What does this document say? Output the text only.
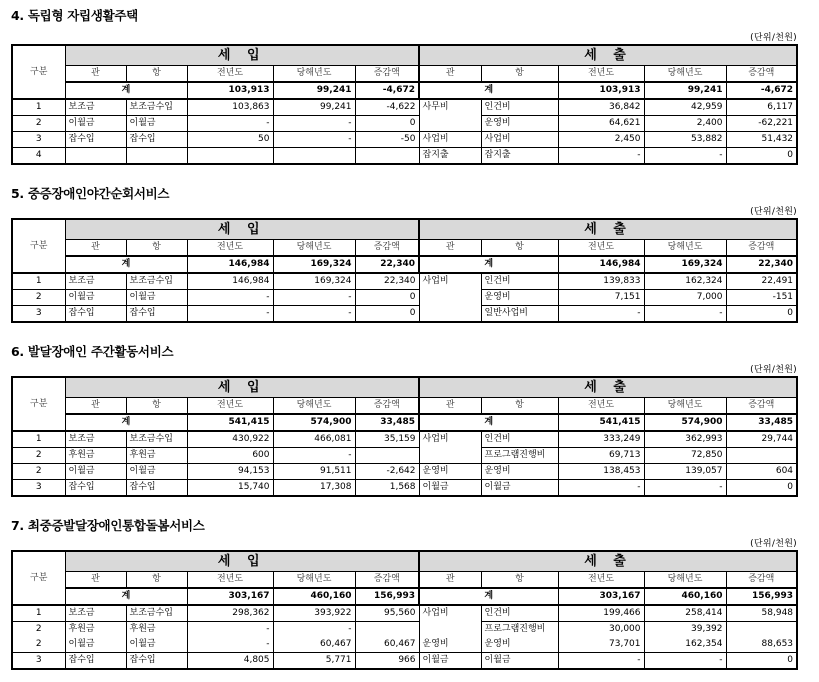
4. 독립형 자립생활주택
(단위/천원)
구분	세 입					세 출				
	관	항	전년도	당해년도	증감액	관	항	전년도	당해년도	증감액
	계		103,913	99,241	-4,672	계		103,913	99,241	-4,672
1	보조금	보조금수입	103,863	99,241	-4,622	사무비	인건비	36,842	42,959	6,117
2	이월금	이월금	-	-	0		운영비	64,621	2,400	-62,221
3	잡수입	잡수입	50	-	-50	사업비	사업비	2,450	53,882	51,432
4						잡지출	잡지출	-	-	0
5. 중증장애인야간순회서비스
(단위/천원)
구분	세 입					세 출				
	관	항	전년도	당해년도	증감액	관	항	전년도	당해년도	증감액
	계		146,984	169,324	22,340	계		146,984	169,324	22,340
1	보조금	보조금수입	146,984	169,324	22,340	사업비	인건비	139,833	162,324	22,491
2	이월금	이월금	-	-	0		운영비	7,151	7,000	-151
3	잡수입	잡수입	-	-	0		일반사업비	-	-	0
6. 발달장애인 주간활동서비스
(단위/천원)
구분	세 입					세 출				
	관	항	전년도	당해년도	증감액	관	항	전년도	당해년도	증감액
	계		541,415	574,900	33,485	계		541,415	574,900	33,485
1	보조금	보조금수입	430,922	466,081	35,159	사업비	인건비	333,249	362,993	29,744
2	후원금	후원금	600	-			프로그램진행비	69,713	72,850	
2	이월금	이월금	94,153	91,511	-2,642	운영비	운영비	138,453	139,057	604
3	잡수입	잡수입	15,740	17,308	1,568	이월금	이월금	-	-	0
7. 최중증발달장애인통합돌봄서비스
(단위/천원)
구분	세 입					세 출				
	관	항	전년도	당해년도	증감액	관	항	전년도	당해년도	증감액
	계		303,167	460,160	156,993	계		303,167	460,160	156,993
1	보조금	보조금수입	298,362	393,922	95,560	사업비	인건비	199,466	258,414	58,948
2	후원금	후원금	-	-			프로그램진행비	30,000	39,392	
2	이월금	이월금	-	60,467	60,467	운영비	운영비	73,701	162,354	88,653
3	잡수입	잡수입	4,805	5,771	966	이월금	이월금	-	-	0
